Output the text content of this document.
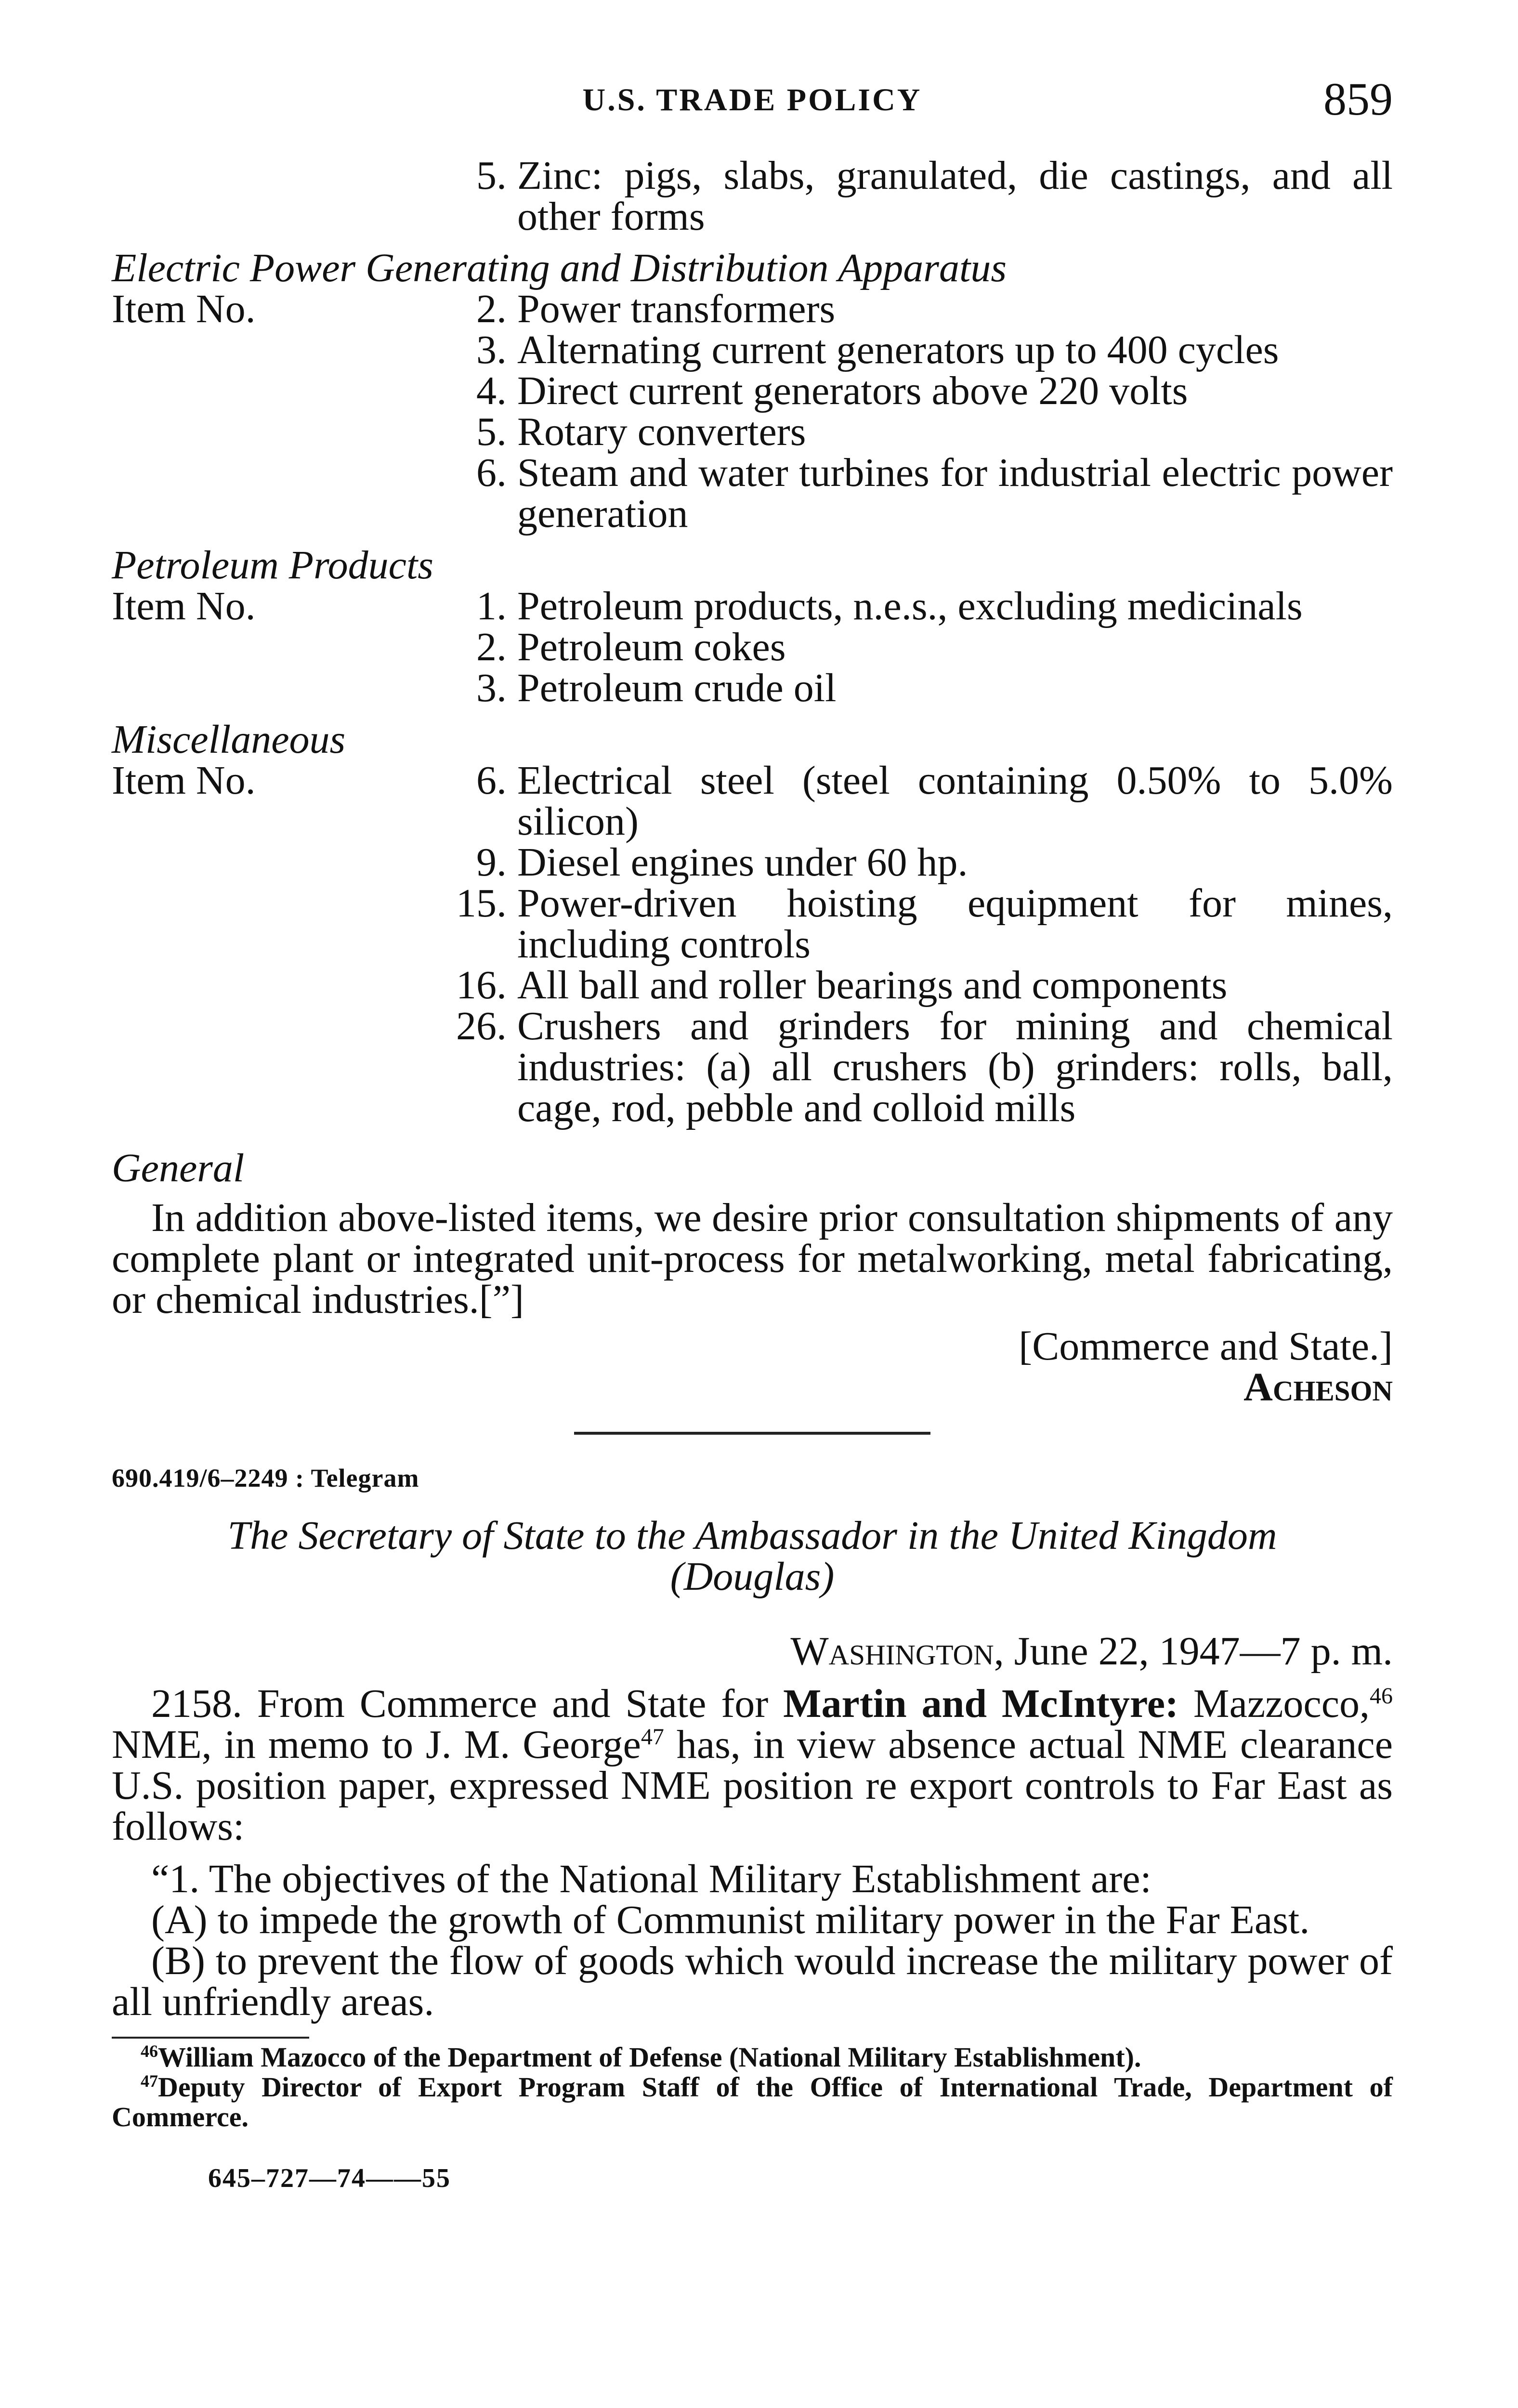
U.S. TRADE POLICY	859
5. Zinc: pigs, slabs, granulated, die castings, and all other forms
Electric Power Generating and Distribution Apparatus
Item No.	2. Power transformers
3. Alternating current generators up to 400 cycles
4. Direct current generators above 220 volts
5. Rotary converters
6. Steam and water turbines for industrial electric power generation
Petroleum Products
Item No.	1. Petroleum products, n.e.s., excluding medicinals
2. Petroleum cokes
3. Petroleum crude oil
Miscellaneous
Item No.	6. Electrical steel (steel containing 0.50% to 5.0% silicon)
9. Diesel engines under 60 hp.
15. Power-driven hoisting equipment for mines, including controls
16. All ball and roller bearings and components
26. Crushers and grinders for mining and chemical industries: (a) all crushers (b) grinders: rolls, ball, cage, rod, pebble and colloid mills
General
In addition above-listed items, we desire prior consultation shipments of any complete plant or integrated unit-process for metalworking, metal fabricating, or chemical industries.[”]
[Commerce and State.]
Acheson
690.419/6–2249 : Telegram
The Secretary of State to the Ambassador in the United Kingdom
(Douglas)
Washington, June 22, 1947—7 p. m.
2158. From Commerce and State for Martin and McIntyre: Mazzocco,$^{46}$ NME, in memo to J. M. George$^{47}$ has, in view absence actual NME clearance U.S. position paper, expressed NME position re export controls to Far East as follows:
“1. The objectives of the National Military Establishment are:
(A) to impede the growth of Communist military power in the Far East.
(B) to prevent the flow of goods which would increase the military power of all unfriendly areas.
$^{46}$William Mazocco of the Department of Defense (National Military Establishment).
$^{47}$Deputy Director of Export Program Staff of the Office of International Trade, Department of Commerce.
645–727—74——55
